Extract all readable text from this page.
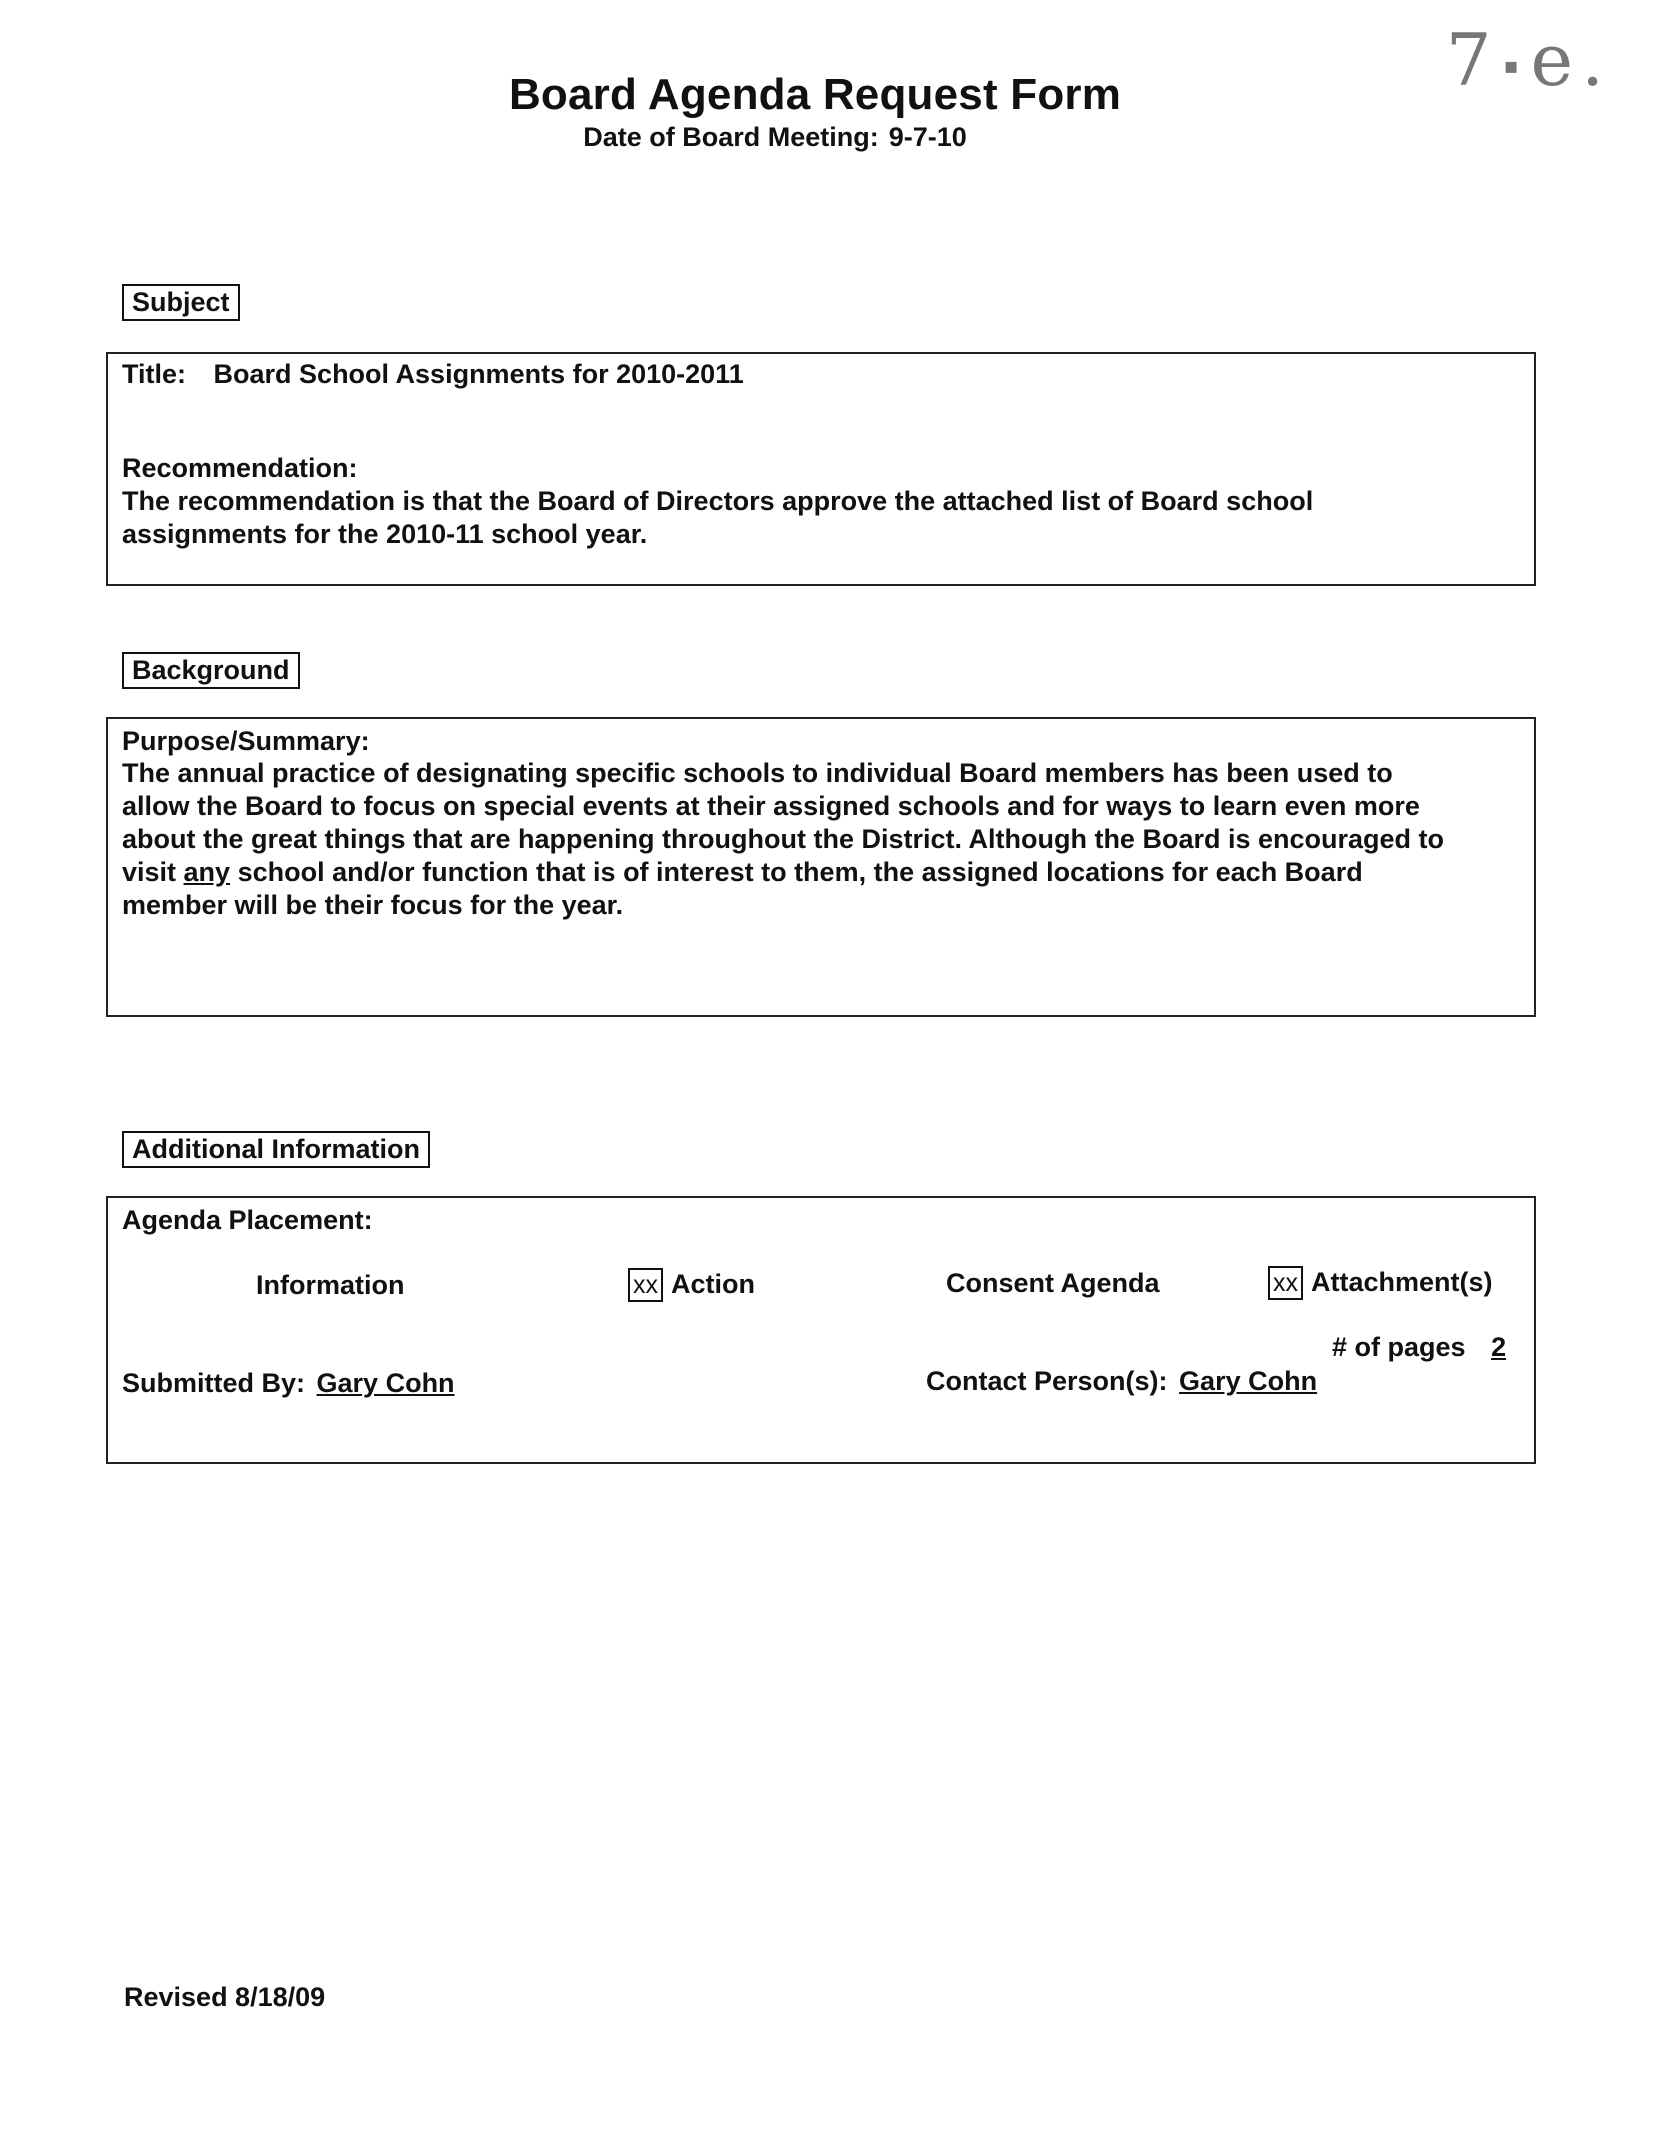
Board Agenda Request Form
Date of Board Meeting: 9-7-10
7 ▪e.
Subject
Title: Board School Assignments for 2010-2011
Recommendation:
The recommendation is that the Board of Directors approve the attached list of Board school
assignments for the 2010-11 school year.
Background
Purpose/Summary:
The annual practice of designating specific schools to individual Board members has been used to
allow the Board to focus on special events at their assigned schools and for ways to learn even more
about the great things that are happening throughout the District. Although the Board is encouraged to
visit any school and/or function that is of interest to them, the assigned locations for each Board
member will be their focus for the year.
Additional Information
Agenda Placement:
Information	xx Action	Consent Agenda	xx Attachment(s)
# of pages 2
Submitted By: Gary Cohn	Contact Person(s): Gary Cohn
Revised 8/18/09
